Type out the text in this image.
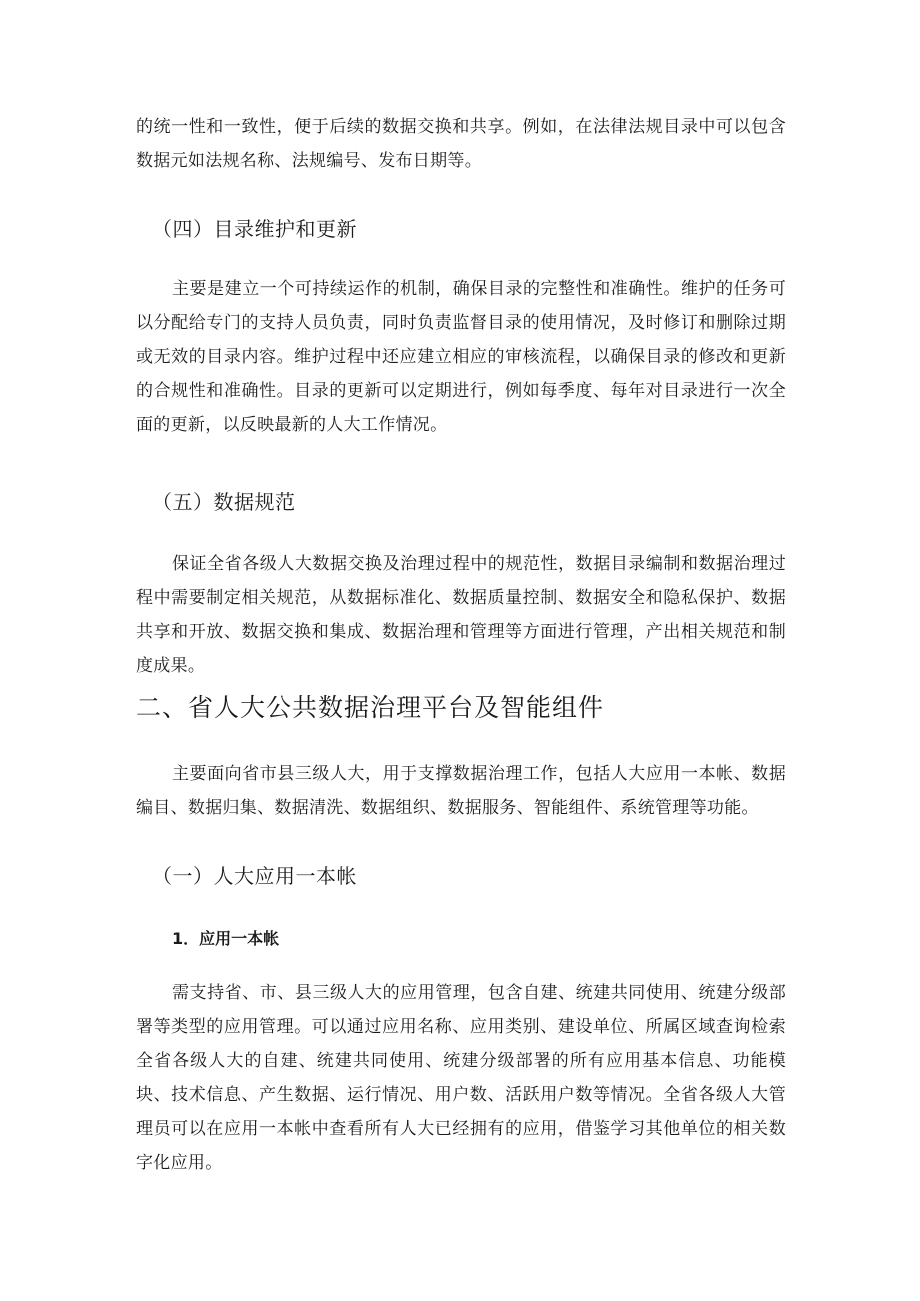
的统一性和一致性，便于后续的数据交换和共享。例如，在法律法规目录中可以包含数据元如法规名称、法规编号、发布日期等。

（四）目录维护和更新

主要是建立一个可持续运作的机制，确保目录的完整性和准确性。维护的任务可以分配给专门的支持人员负责，同时负责监督目录的使用情况，及时修订和删除过期或无效的目录内容。维护过程中还应建立相应的审核流程，以确保目录的修改和更新的合规性和准确性。目录的更新可以定期进行，例如每季度、每年对目录进行一次全面的更新，以反映最新的人大工作情况。

（五）数据规范

保证全省各级人大数据交换及治理过程中的规范性，数据目录编制和数据治理过程中需要制定相关规范，从数据标准化、数据质量控制、数据安全和隐私保护、数据共享和开放、数据交换和集成、数据治理和管理等方面进行管理，产出相关规范和制度成果。

二、省人大公共数据治理平台及智能组件

主要面向省市县三级人大，用于支撑数据治理工作，包括人大应用一本帐、数据编目、数据归集、数据清洗、数据组织、数据服务、智能组件、系统管理等功能。

（一）人大应用一本帐
1．应用一本帐

需支持省、市、县三级人大的应用管理，包含自建、统建共同使用、统建分级部署等类型的应用管理。可以通过应用名称、应用类别、建设单位、所属区域查询检索全省各级人大的自建、统建共同使用、统建分级部署的所有应用基本信息、功能模块、技术信息、产生数据、运行情况、用户数、活跃用户数等情况。全省各级人大管理员可以在应用一本帐中查看所有人大已经拥有的应用，借鉴学习其他单位的相关数字化应用。
